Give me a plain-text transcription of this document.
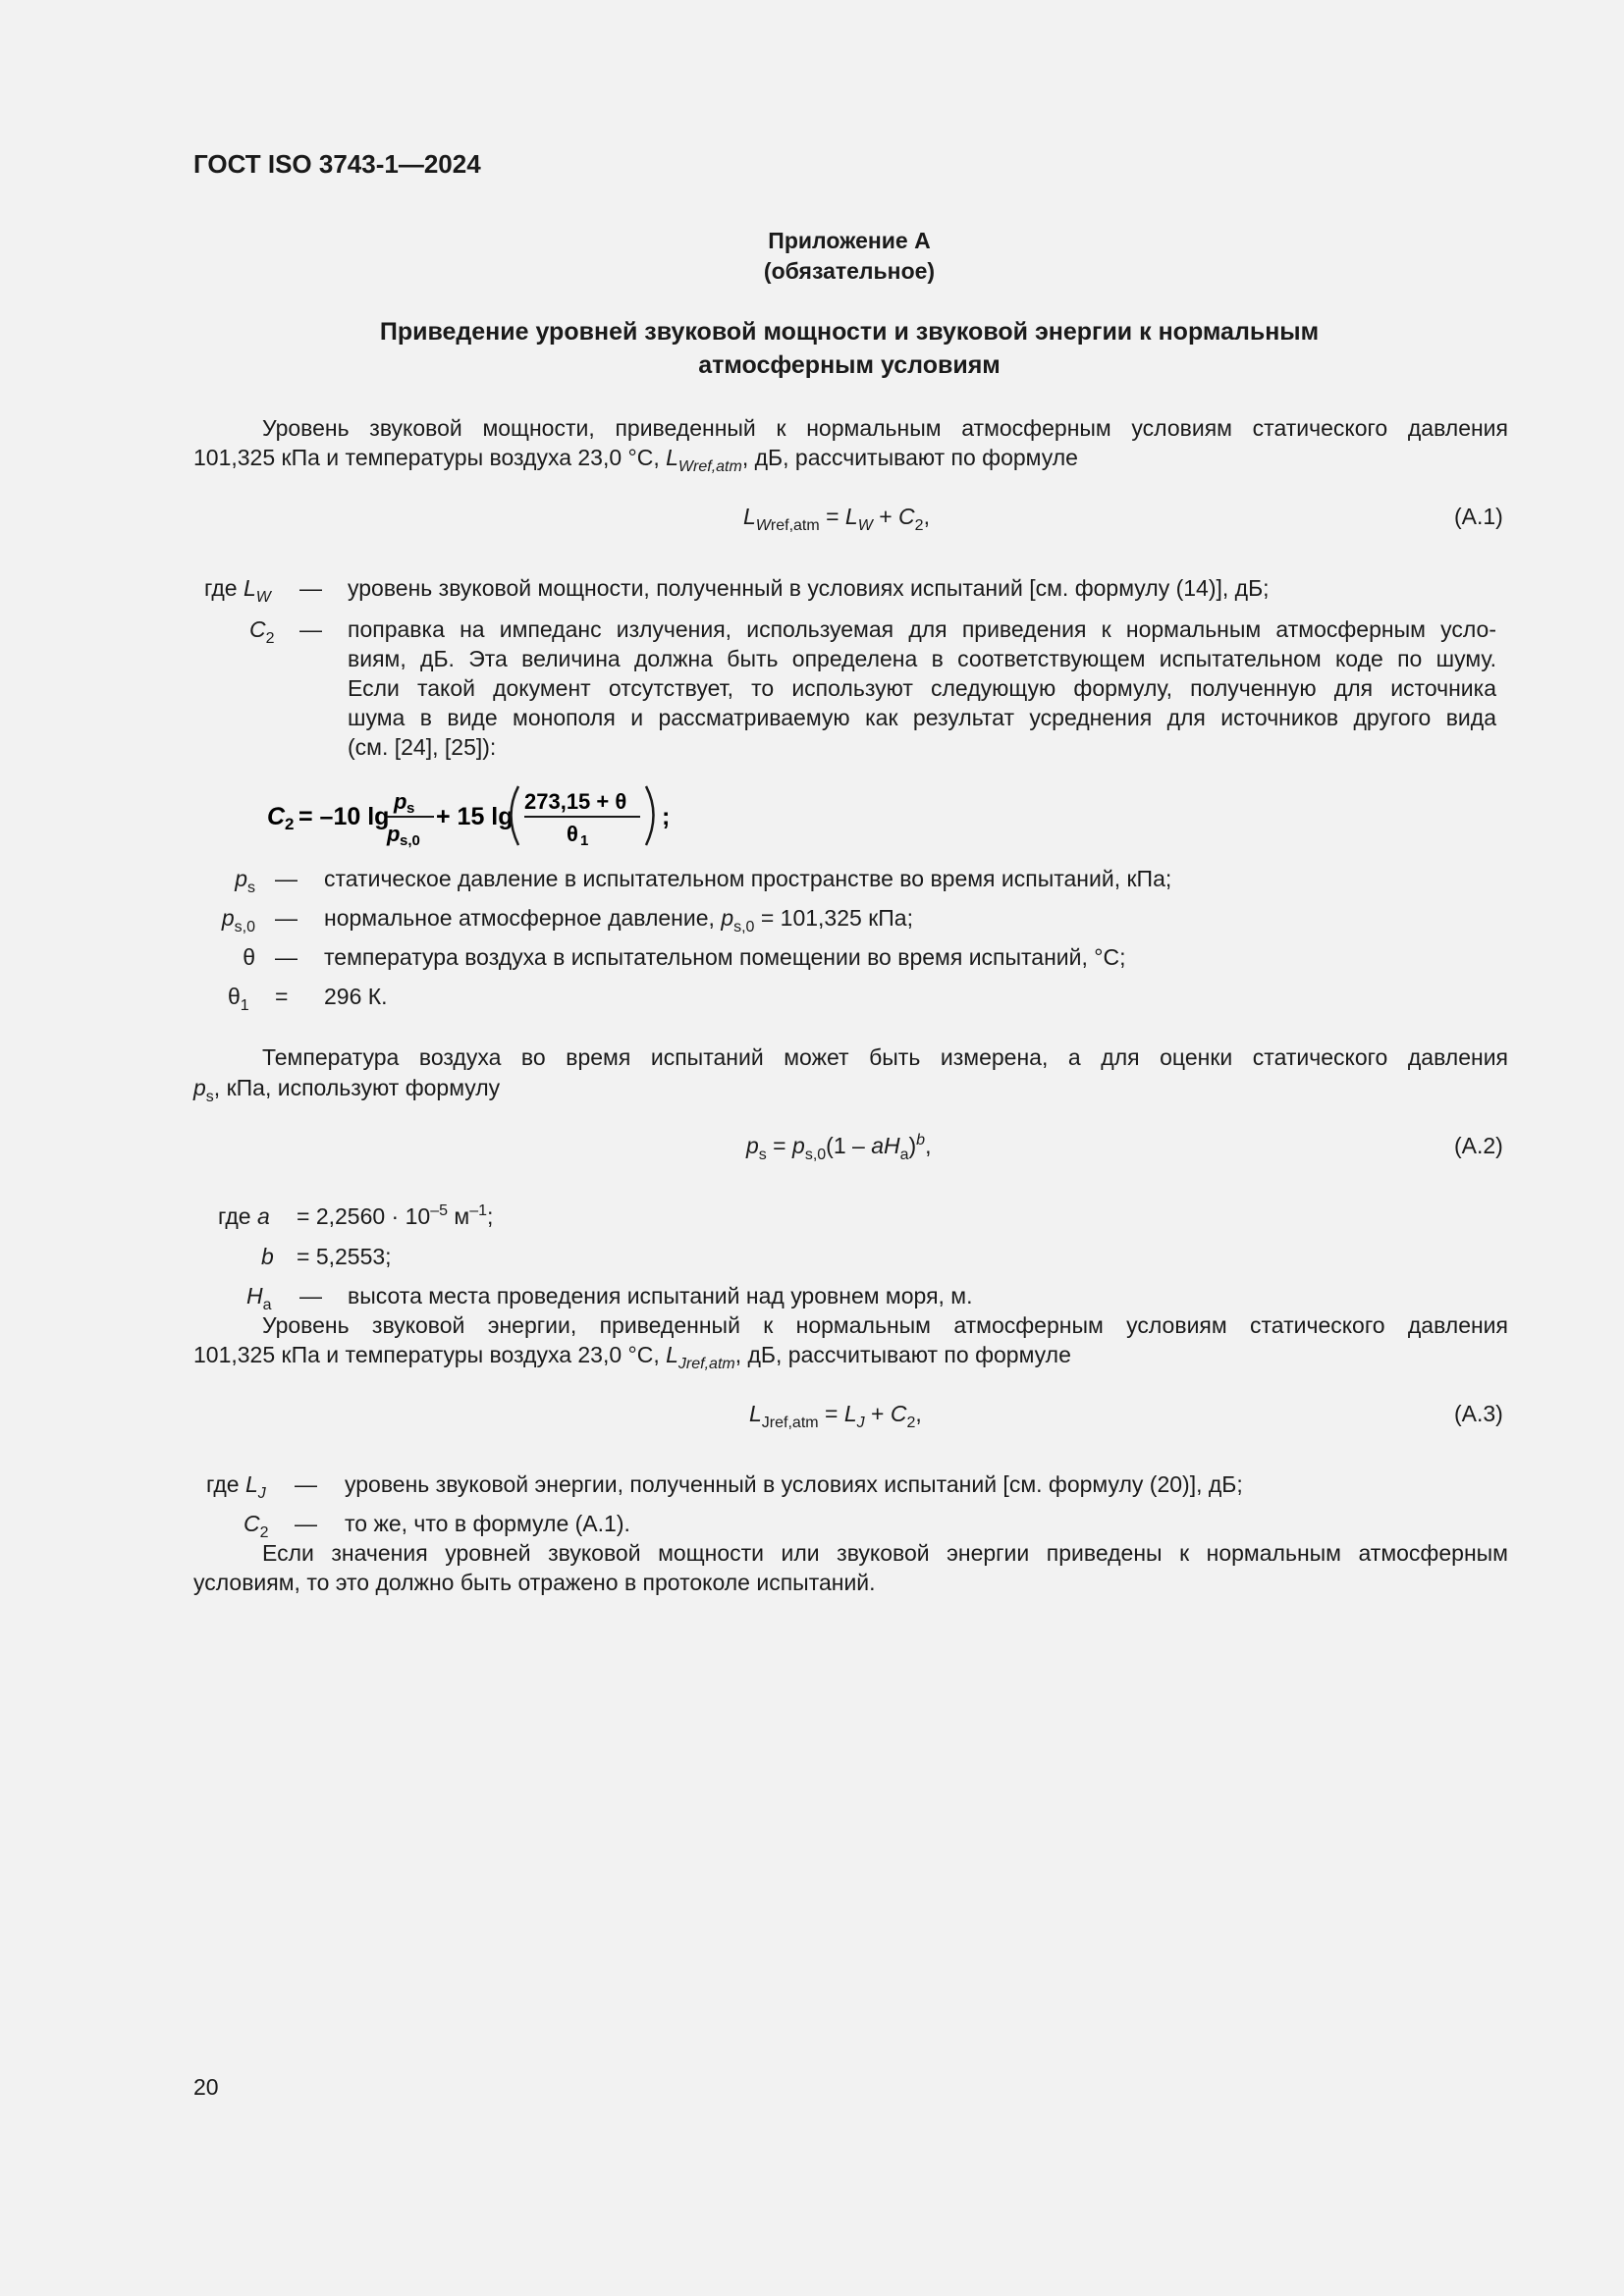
ГОСТ ISO 3743-1—2024
Приложение А
(обязательное)
Приведение уровней звуковой мощности и звуковой энергии к нормальным
атмосферным условиям
Уровень звуковой мощности, приведенный к нормальным атмосферным условиям статического давления
101,325 кПа и температуры воздуха 23,0 °С, $L_{Wref,atm}$, дБ, рассчитывают по формуле
$L_{Wref,atm} = L_W + C_2$,	(А.1)
где $L_W$ — уровень звуковой мощности, полученный в условиях испытаний [см. формулу (14)], дБ;
$C_2$ — поправка на импеданс излучения, используемая для приведения к нормальным атмосферным усло-
виям, дБ. Эта величина должна быть определена в соответствующем испытательном коде по шуму.
Если такой документ отсутствует, то используют следующую формулу, полученную для источника
шума в виде монополя и рассматриваемую как результат усреднения для источников другого вида
(см. [24], [25]):
C 2 = –10 lg
p s
p s,0
+ 15 lg
273,15 + θ
θ 1
;
$p_s$ — статическое давление в испытательном пространстве во время испытаний, кПа;
$p_{s,0}$ — нормальное атмосферное давление, $p_{s,0} = 101,325$ кПа;
θ — температура воздуха в испытательном помещении во время испытаний, °С;
$\theta_1 = 296$ К.
Температура воздуха во время испытаний может быть измерена, а для оценки статического давления
$p_s$, кПа, используют формулу
$p_s = p_{s,0}(1 - aH_a)^b$,	(А.2)
где $a = 2,2560 \cdot 10^{-5}$ $м^{-1}$;
b = 5,2553;
$H_a$ — высота места проведения испытаний над уровнем моря, м.
Уровень звуковой энергии, приведенный к нормальным атмосферным условиям статического давления
101,325 кПа и температуры воздуха 23,0 °С, $L_{Jref,atm}$, дБ, рассчитывают по формуле
$L_{Jref,atm} = L_J + C_2$,	(А.3)
где $L_J$ — уровень звуковой энергии, полученный в условиях испытаний [см. формулу (20)], дБ;
$C_2$ — то же, что в формуле (А.1).
Если значения уровней звуковой мощности или звуковой энергии приведены к нормальным атмосферным
условиям, то это должно быть отражено в протоколе испытаний.
20
